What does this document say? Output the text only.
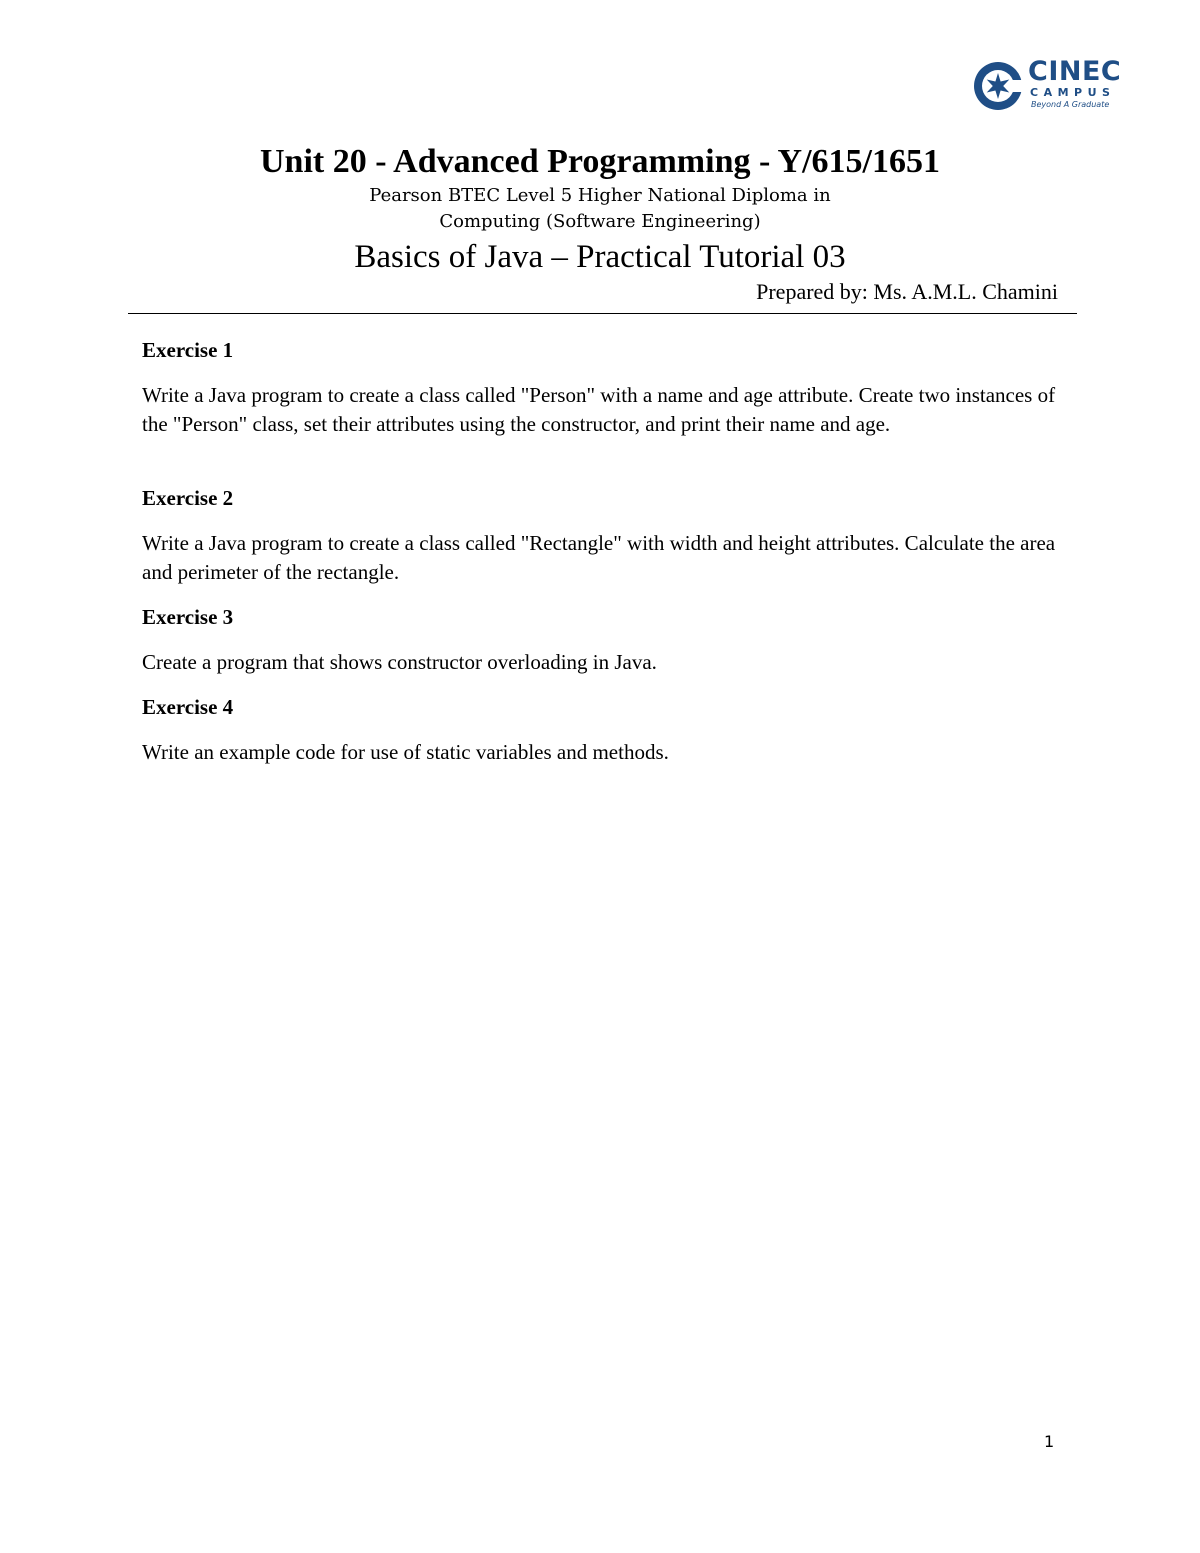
CINEC
CAMPUS
Beyond A Graduate
Unit 20 - Advanced Programming - Y/615/1651
Pearson BTEC Level 5 Higher National Diploma in
Computing (Software Engineering)
Basics of Java – Practical Tutorial 03
Prepared by: Ms. A.M.L. Chamini
Exercise 1
Write a Java program to create a class called "Person" with a name and age attribute. Create two instances of the "Person" class, set their attributes using the constructor, and print their name and age.
Exercise 2
Write a Java program to create a class called "Rectangle" with width and height attributes. Calculate the area and perimeter of the rectangle.
Exercise 3
Create a program that shows constructor overloading in Java.
Exercise 4
Write an example code for use of static variables and methods.
1
